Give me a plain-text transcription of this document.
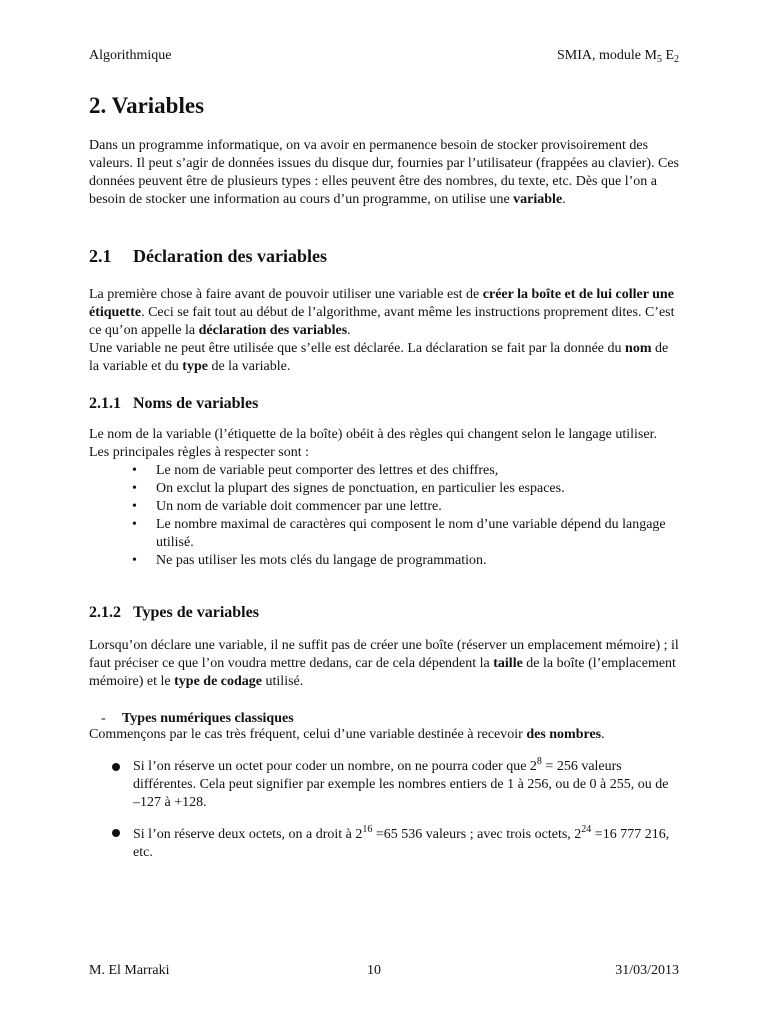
Algorithmique	SMIA, module $M_5$ $E_2$
2. Variables
Dans un programme informatique, on va avoir en permanence besoin de stocker provisoirement des valeurs. Il peut s’agir de données issues du disque dur, fournies par l’utilisateur (frappées au clavier). Ces données peuvent être de plusieurs types : elles peuvent être des nombres, du texte, etc. Dès que l’on a besoin de stocker une information au cours d’un programme, on utilise une variable.
2.1 Déclaration des variables
La première chose à faire avant de pouvoir utiliser une variable est de créer la boîte et de lui coller une étiquette. Ceci se fait tout au début de l’algorithme, avant même les instructions proprement dites. C’est ce qu’on appelle la déclaration des variables.
Une variable ne peut être utilisée que s’elle est déclarée. La déclaration se fait par la donnée du nom de la variable et du type de la variable.
2.1.1 Noms de variables
Le nom de la variable (l’étiquette de la boîte) obéit à des règles qui changent selon le langage utiliser. Les principales règles à respecter sont :
• Le nom de variable peut comporter des lettres et des chiffres,
• On exclut la plupart des signes de ponctuation, en particulier les espaces.
• Un nom de variable doit commencer par une lettre.
• Le nombre maximal de caractères qui composent le nom d’une variable dépend du langage utilisé.
• Ne pas utiliser les mots clés du langage de programmation.
2.1.2 Types de variables
Lorsqu’on déclare une variable, il ne suffit pas de créer une boîte (réserver un emplacement mémoire) ; il faut préciser ce que l’on voudra mettre dedans, car de cela dépendent la taille de la boîte (l’emplacement mémoire) et le type de codage utilisé.
- Types numériques classiques
Commençons par le cas très fréquent, celui d’une variable destinée à recevoir des nombres.
Si l’on réserve un octet pour coder un nombre, on ne pourra coder que $2^8 = 256$ valeurs différentes. Cela peut signifier par exemple les nombres entiers de 1 à 256, ou de 0 à 255, ou de –127 à +128.
Si l’on réserve deux octets, on a droit à $2^{16} =65$ 536 valeurs ; avec trois octets, $2^{24} =16$ 777 216, etc.
M. El Marraki	10	31/03/2013
